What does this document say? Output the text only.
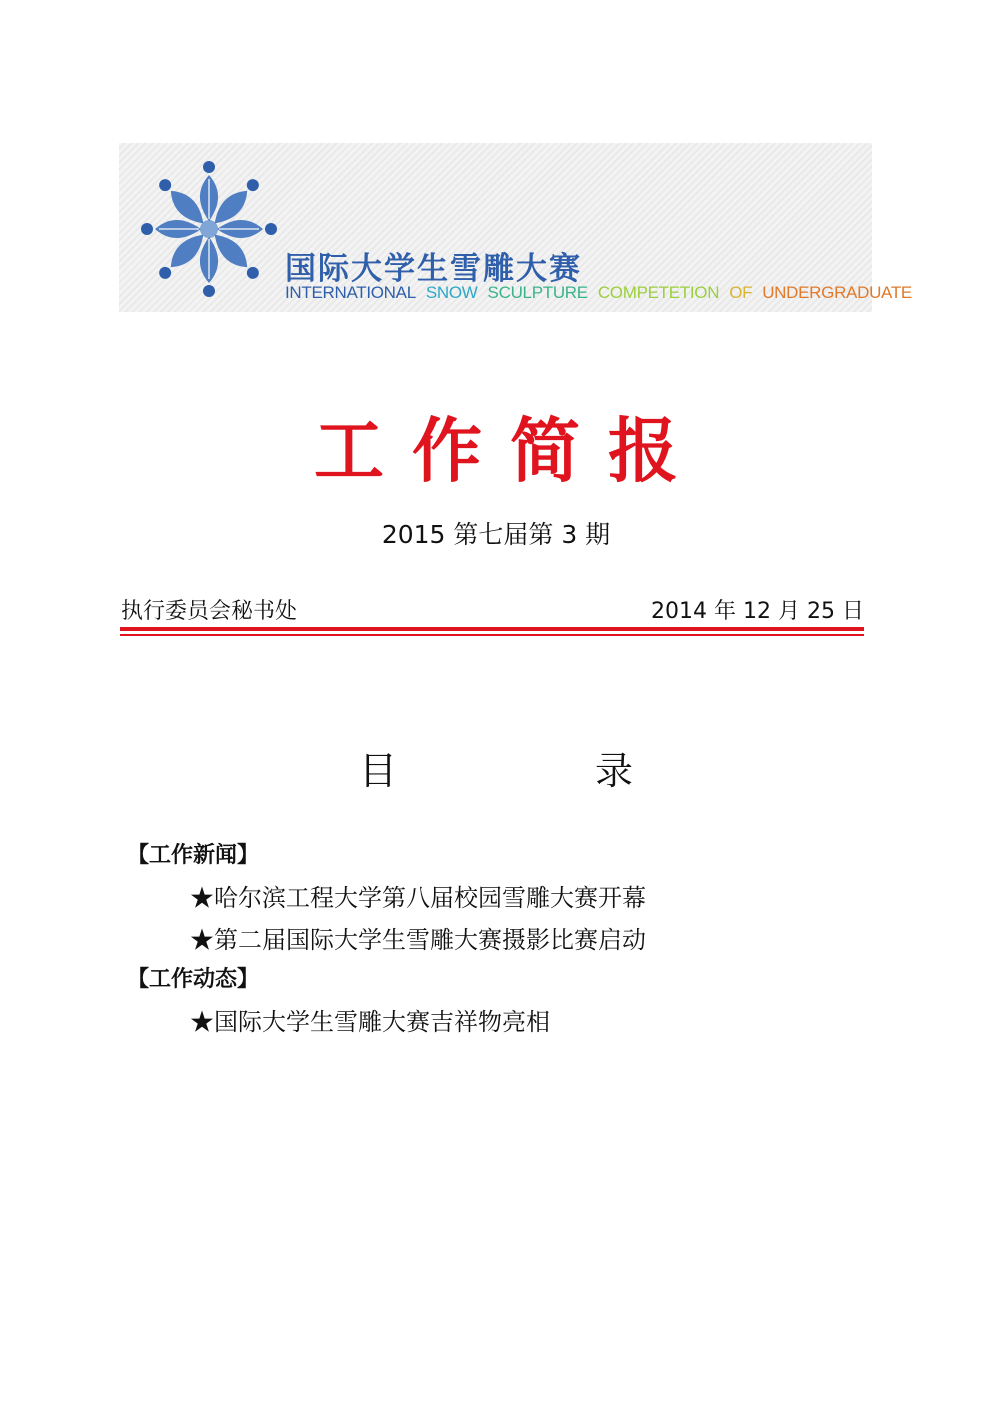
国际大学生雪雕大赛
INTERNATIONAL SNOW SCULPTURE COMPETETION OF UNDERGRADUATE
工作简报
2015 第七届第 3 期
执行委员会秘书处	2014 年 12 月 25 日
目　录
【工作新闻】
★哈尔滨工程大学第八届校园雪雕大赛开幕
★第二届国际大学生雪雕大赛摄影比赛启动
【工作动态】
★国际大学生雪雕大赛吉祥物亮相
